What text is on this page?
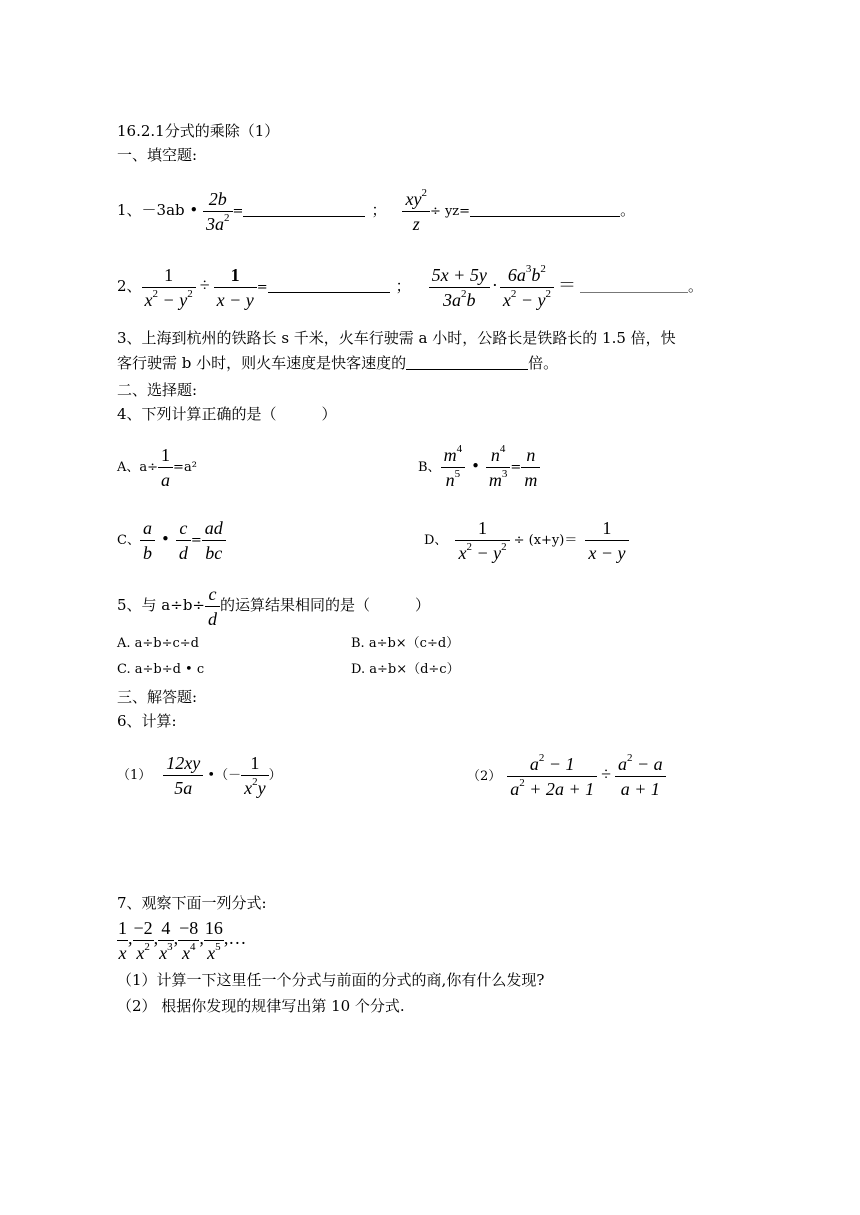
16.2.1分式的乘除（1）
一、填空题:
1、－3ab • $\frac{2b}{3a^2}$ =	； $\frac{xy^2}{z} \div yz=$	。
2、 $\frac{1}{x^2 - y^2} \div \frac{1}{x - y}$ =	； $\frac{5x + 5y}{3a^2b} \cdot \frac{6a^3b^2}{x^2 - y^2}$ ＝	。
3、上海到杭州的铁路长 s 千米，火车行驶需 a 小时，公路长是铁路长的 1.5 倍，快
客行驶需 b 小时，则火车速度是快客速度的	倍。
二、选择题:
4、下列计算正确的是（　　　）
A、$a\div \frac{1}{a} =a^2$	B、 $\frac{m^4}{n^5}$ • $\frac{n^4}{m^3} = \frac{n}{m}$
C、 $\frac{a}{b}$ • $\frac{c}{d} = \frac{ad}{bc}$	D、 $\frac{1}{x^2 - y^2} \div (x+y)= \frac{1}{x - y}$
5、与 $a\div b\div \frac{c}{d}$ 的运算结果相同的是（　　　）
A. a÷b÷c÷d	B. a÷b×（c÷d）
C. a÷b÷d • c	D. a÷b×（d÷c）
三、解答题:
6、计算:
$(1) \frac{12xy}{5a}$ •（－ $\frac{1}{x^2y}$ ）	$(2) \frac{a^2 - 1}{a^2 + 2a + 1} \div \frac{a^2 - a}{a + 1}$
7、观察下面一列分式:
$\frac{1}{x}$ , $\frac{-2}{x^2}$ , $\frac{4}{x^3}$ , $\frac{-8}{x^4}$ , $\frac{16}{x^5}$ ,…
（1）计算一下这里任一个分式与前面的分式的商,你有什么发现?
（2） 根据你发现的规律写出第 10 个分式.
